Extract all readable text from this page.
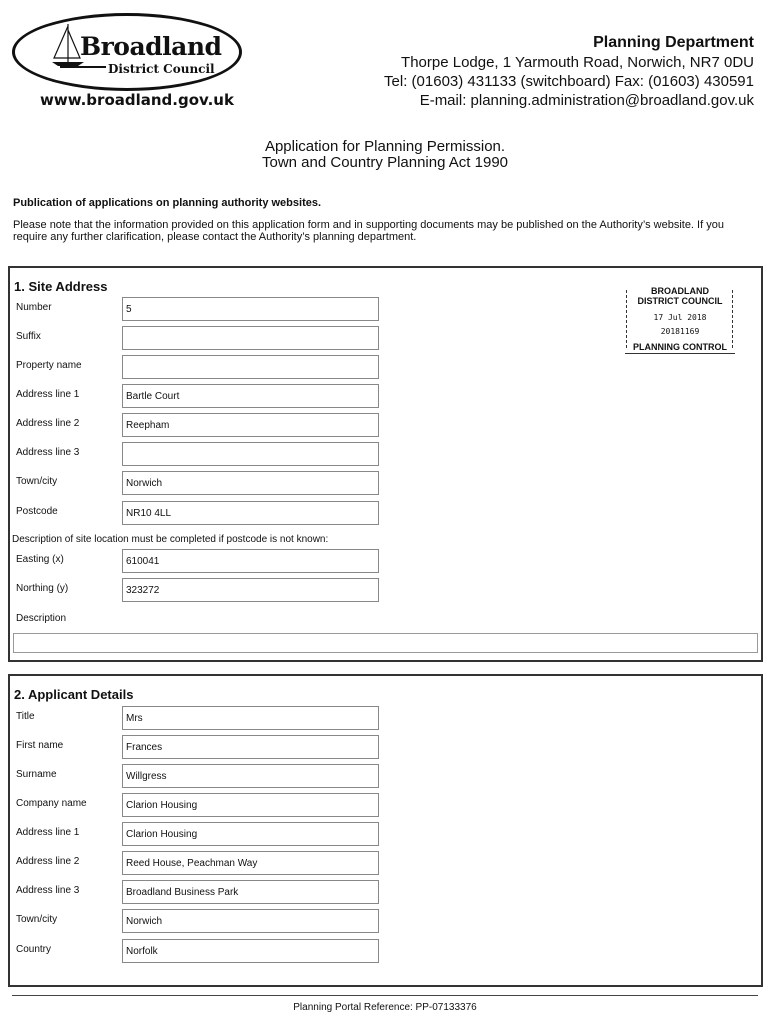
Broadland
District Council
www.broadland.gov.uk
Planning Department
Thorpe Lodge, 1 Yarmouth Road, Norwich, NR7 0DU
Tel: (01603) 431133 (switchboard) Fax: (01603) 430591
E-mail: planning.administration@broadland.gov.uk
Application for Planning Permission.
Town and Country Planning Act 1990
Publication of applications on planning authority websites.
Please note that the information provided on this application form and in supporting documents may be published on the Authority’s website. If you require any further clarification, please contact the Authority’s planning department.
1. Site Address
Number
5
Suffix
Property name
Address line 1
Bartle Court
Address line 2
Reepham
Address line 3
Town/city
Norwich
Postcode
NR10 4LL
Description of site location must be completed if postcode is not known:
Easting (x)
610041
Northing (y)
323272
Description
BROADLAND
DISTRICT COUNCIL
17 Jul 2018
20181169
PLANNING CONTROL
2. Applicant Details
Title
Mrs
First name
Frances
Surname
Willgress
Company name
Clarion Housing
Address line 1
Clarion Housing
Address line 2
Reed House, Peachman Way
Address line 3
Broadland Business Park
Town/city
Norwich
Country
Norfolk
Planning Portal Reference: PP-07133376
